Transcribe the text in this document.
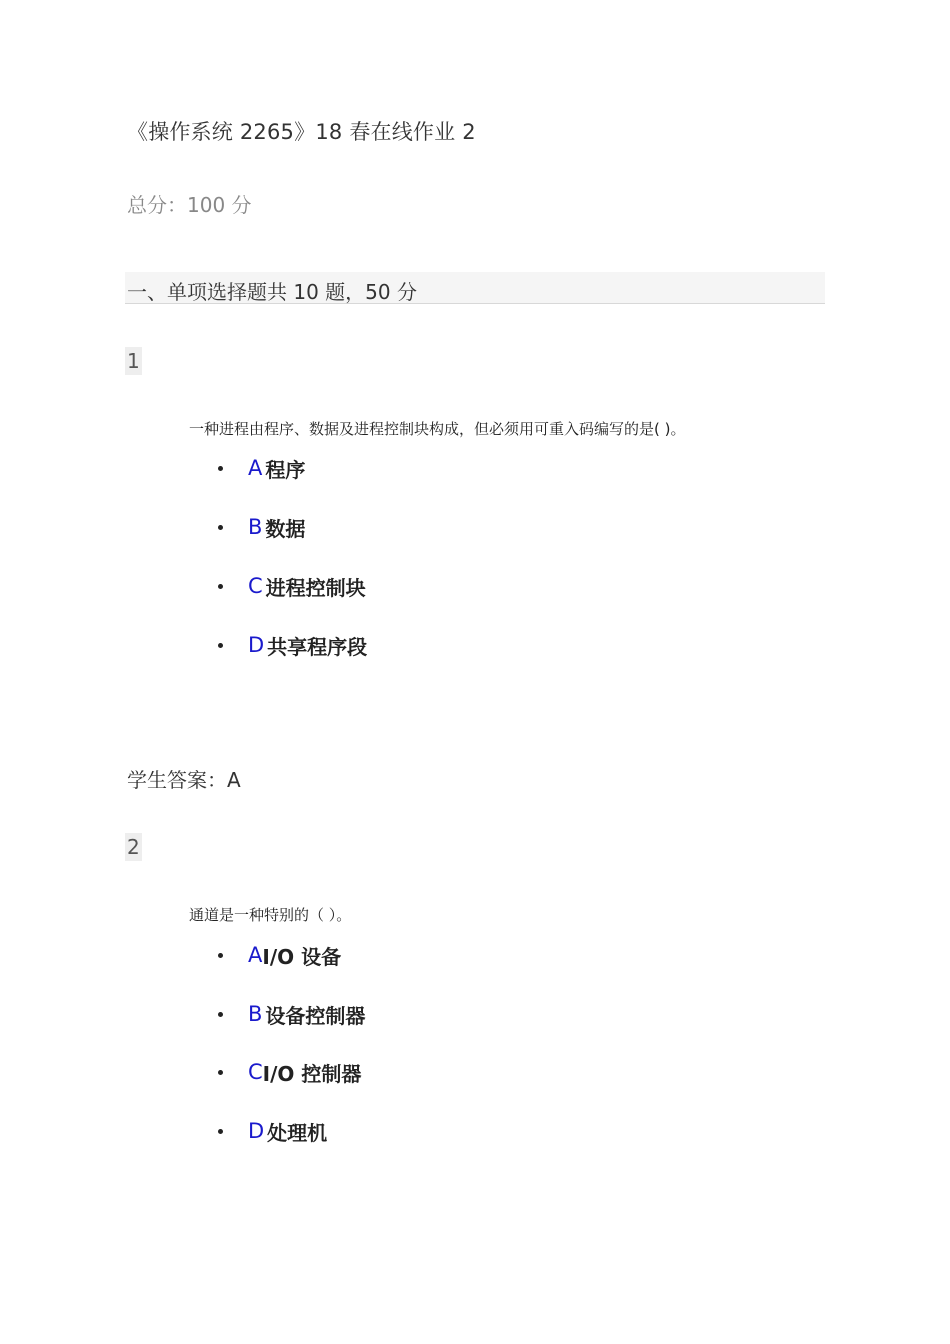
《操作系统 2265》18 春在线作业 2
总分：100 分
一、单项选择题共 10 题，50 分
1
一种进程由程序、数据及进程控制块构成，但必须用可重入码编写的是( )。
A 程序
B 数据
C 进程控制块
D 共享程序段
学生答案：A
2
通道是一种特别的（ ）。
A I/O 设备
B 设备控制器
C I/O 控制器
D 处理机
